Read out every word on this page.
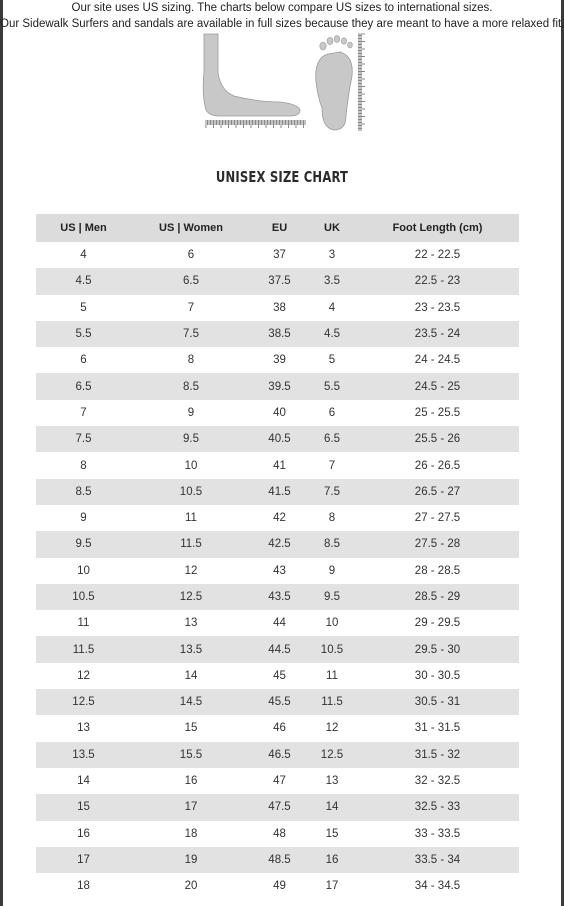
Our site uses US sizing. The charts below compare US sizes to international sizes.
Our Sidewalk Surfers and sandals are available in full sizes because they are meant to have a more relaxed fit.
UNISEX SIZE CHART
US | Men	US | Women	EU	UK	Foot Length (cm)
4	6	37	3	22 - 22.5
4.5	6.5	37.5	3.5	22.5 - 23
5	7	38	4	23 - 23.5
5.5	7.5	38.5	4.5	23.5 - 24
6	8	39	5	24 - 24.5
6.5	8.5	39.5	5.5	24.5 - 25
7	9	40	6	25 - 25.5
7.5	9.5	40.5	6.5	25.5 - 26
8	10	41	7	26 - 26.5
8.5	10.5	41.5	7.5	26.5 - 27
9	11	42	8	27 - 27.5
9.5	11.5	42.5	8.5	27.5 - 28
10	12	43	9	28 - 28.5
10.5	12.5	43.5	9.5	28.5 - 29
11	13	44	10	29 - 29.5
11.5	13.5	44.5	10.5	29.5 - 30
12	14	45	11	30 - 30.5
12.5	14.5	45.5	11.5	30.5 - 31
13	15	46	12	31 - 31.5
13.5	15.5	46.5	12.5	31.5 - 32
14	16	47	13	32 - 32.5
15	17	47.5	14	32.5 - 33
16	18	48	15	33 - 33.5
17	19	48.5	16	33.5 - 34
18	20	49	17	34 - 34.5
